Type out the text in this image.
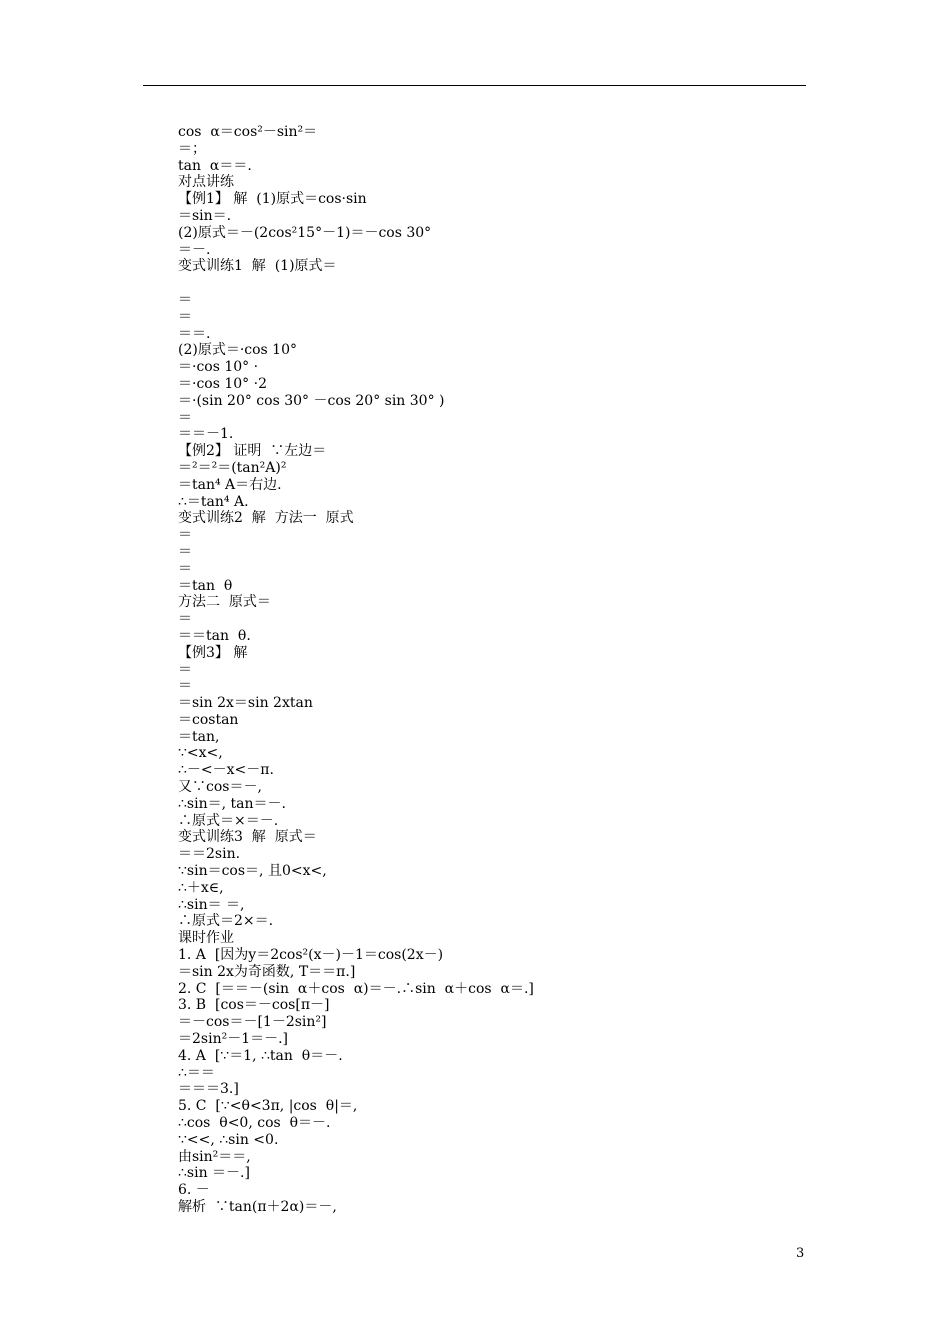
cos  α＝cos²－sin²＝
＝；
tan  α＝＝.
对点讲练
【例1】 解  (1)原式＝cos·sin
＝sin＝.
(2)原式＝－(2cos²15°－1)＝－cos 30°
＝－.
变式训练1  解  (1)原式＝
＝
＝
＝＝.
(2)原式＝·cos 10°
＝·cos 10° ·
＝·cos 10° ·2
＝·(sin 20° cos 30° －cos 20° sin 30° )
＝
＝＝－1.
【例2】 证明  ∵左边＝
＝²＝²＝(tan²A)²
＝tan⁴ A＝右边.
∴＝tan⁴ A.
变式训练2  解  方法一  原式
＝
＝
＝
＝tan  θ
方法二  原式＝
＝
＝＝tan  θ.
【例3】 解
＝
＝
＝sin 2x＝sin 2xtan
＝costan
＝tan,
∵<x<,
∴－<－x<－π.
又∵cos＝－,
∴sin＝, tan＝－.
∴原式＝×＝－.
变式训练3  解  原式＝
＝＝2sin.
∵sin＝cos＝, 且0<x<,
∴＋x∈,
∴sin＝ ＝,
∴原式＝2×＝.
课时作业
1. A  [因为y＝2cos²(x－)－1＝cos(2x－)
＝sin 2x为奇函数, T＝＝π.]
2. C  [＝＝－(sin  α＋cos  α)＝－.∴sin  α＋cos  α＝.]
3. B  [cos＝－cos[π－]
＝－cos＝－[1－2sin²]
＝2sin²－1＝－.]
4. A  [∵＝1, ∴tan  θ＝－.
∴＝＝
＝＝＝3.]
5. C  [∵<θ<3π, |cos  θ|＝,
∴cos  θ<0, cos  θ＝－.
∵<<, ∴sin <0.
由sin²＝＝,
∴sin ＝－.]
6. －
解析  ∵tan(π＋2α)＝－,
3
